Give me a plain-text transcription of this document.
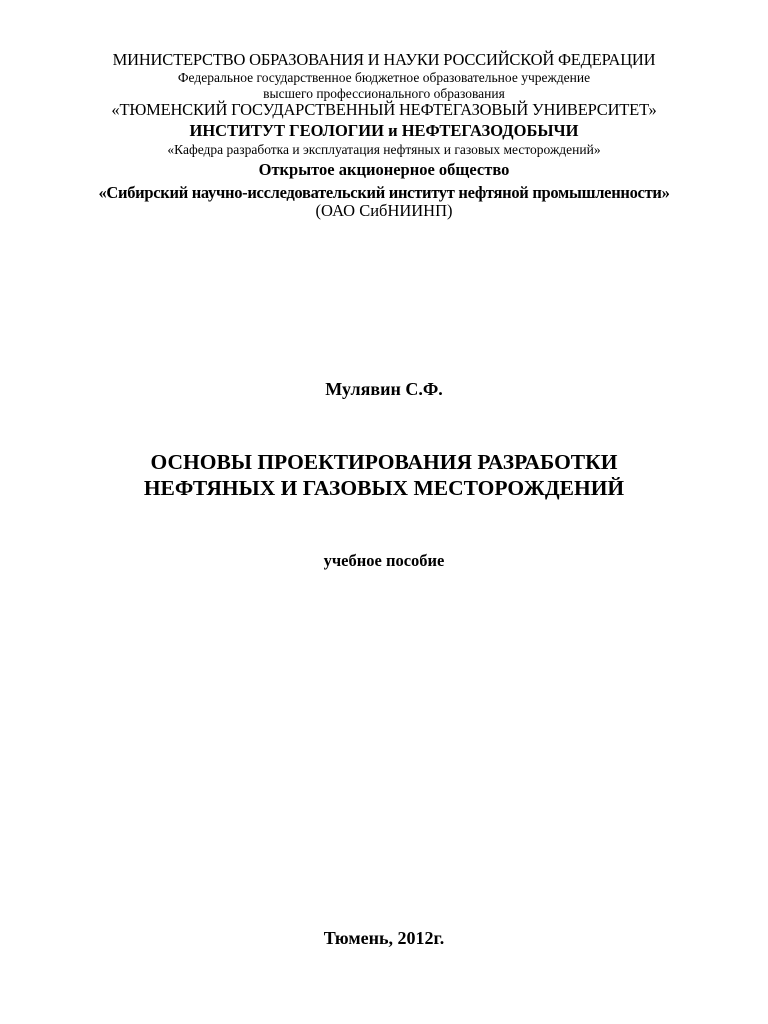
МИНИСТЕРСТВО ОБРАЗОВАНИЯ И НАУКИ РОССИЙСКОЙ ФЕДЕРАЦИИ
Федеральное государственное бюджетное образовательное учреждение
высшего профессионального образования
«ТЮМЕНСКИЙ ГОСУДАРСТВЕННЫЙ НЕФТЕГАЗОВЫЙ УНИВЕРСИТЕТ»
ИНСТИТУТ ГЕОЛОГИИ и НЕФТЕГАЗОДОБЫЧИ
«Кафедра разработка и эксплуатация нефтяных и газовых месторождений»
Открытое акционерное общество
«Сибирский научно-исследовательский институт нефтяной промышленности»
(ОАО СибНИИНП)
Мулявин С.Ф.
ОСНОВЫ ПРОЕКТИРОВАНИЯ РАЗРАБОТКИ
НЕФТЯНЫХ И ГАЗОВЫХ МЕСТОРОЖДЕНИЙ
учебное пособие
Тюмень, 2012г.
